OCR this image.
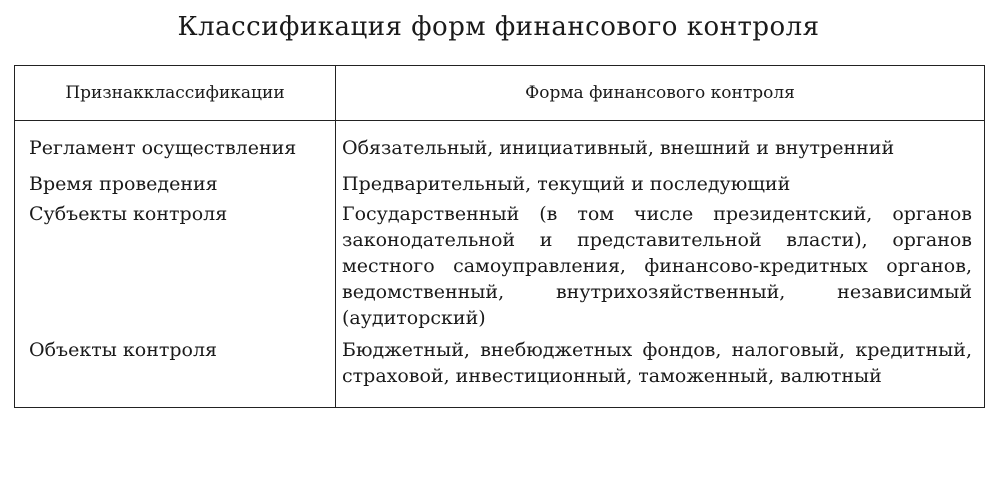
Классификация форм финансового контроля
Признакклассификации	Форма финансового контроля
Регламент осуществления	Обязательный, инициативный, внешний и внутренний
Время проведения	Предварительный, текущий и последующий
Субъекты контроля	Государственный (в том числе президентский, органов законодательной и представительной власти), органов местного самоуправления, финансово-кредитных органов, ведомственный, внутрихозяйственный, независимый (аудиторский)
Объекты контроля	Бюджетный, внебюджетных фондов, налоговый, кредитный, страховой, инвестиционный, таможенный, валютный
